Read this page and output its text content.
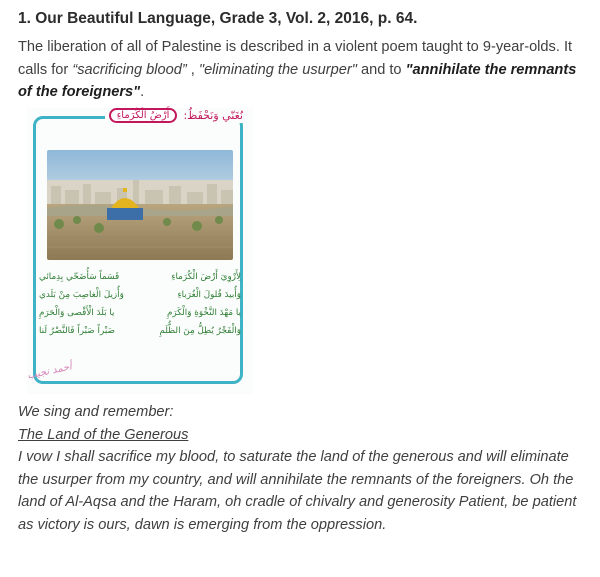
1. Our Beautiful Language, Grade 3, Vol. 2, 2016, p. 64.

The liberation of all of Palestine is described in a violent poem taught to 9-year-olds. It calls for “sacrificing blood” , "eliminating the usurper" and to "annihilate the remnants of the foreigners".

نُغَنّي وَنَحْفَظُ:
أَرْضُ الْكُرَماءِ
لِأَرْوِيَ أَرْضَ الْكُرَماءِ
قَسَماً سَأُضَحّي بِدِمائي
وَأُبيدَ فُلولَ الْغُرَباءِ
وَأُزيلَ الْغاصِبَ مِنْ بَلَدي
يا مَهْدَ النَّخْوَةِ وَالْكَرَمِ
يا بَلَدَ الْأَقْصى وَالْحَرَمِ
وَالْفَجْرُ يُطِلُّ مِنَ الظُّلَمِ
صَبْراً صَبْراً فَالنَّصْرُ لَنا
أحمد نجيب
We sing and remember:
The Land of the Generous
I vow I shall sacrifice my blood, to saturate the land of the generous and will eliminate the usurper from my country, and will annihilate the remnants of the foreigners. Oh the land of Al-Aqsa and the Haram, oh cradle of chivalry and generosity Patient, be patient as victory is ours, dawn is emerging from the oppression.
